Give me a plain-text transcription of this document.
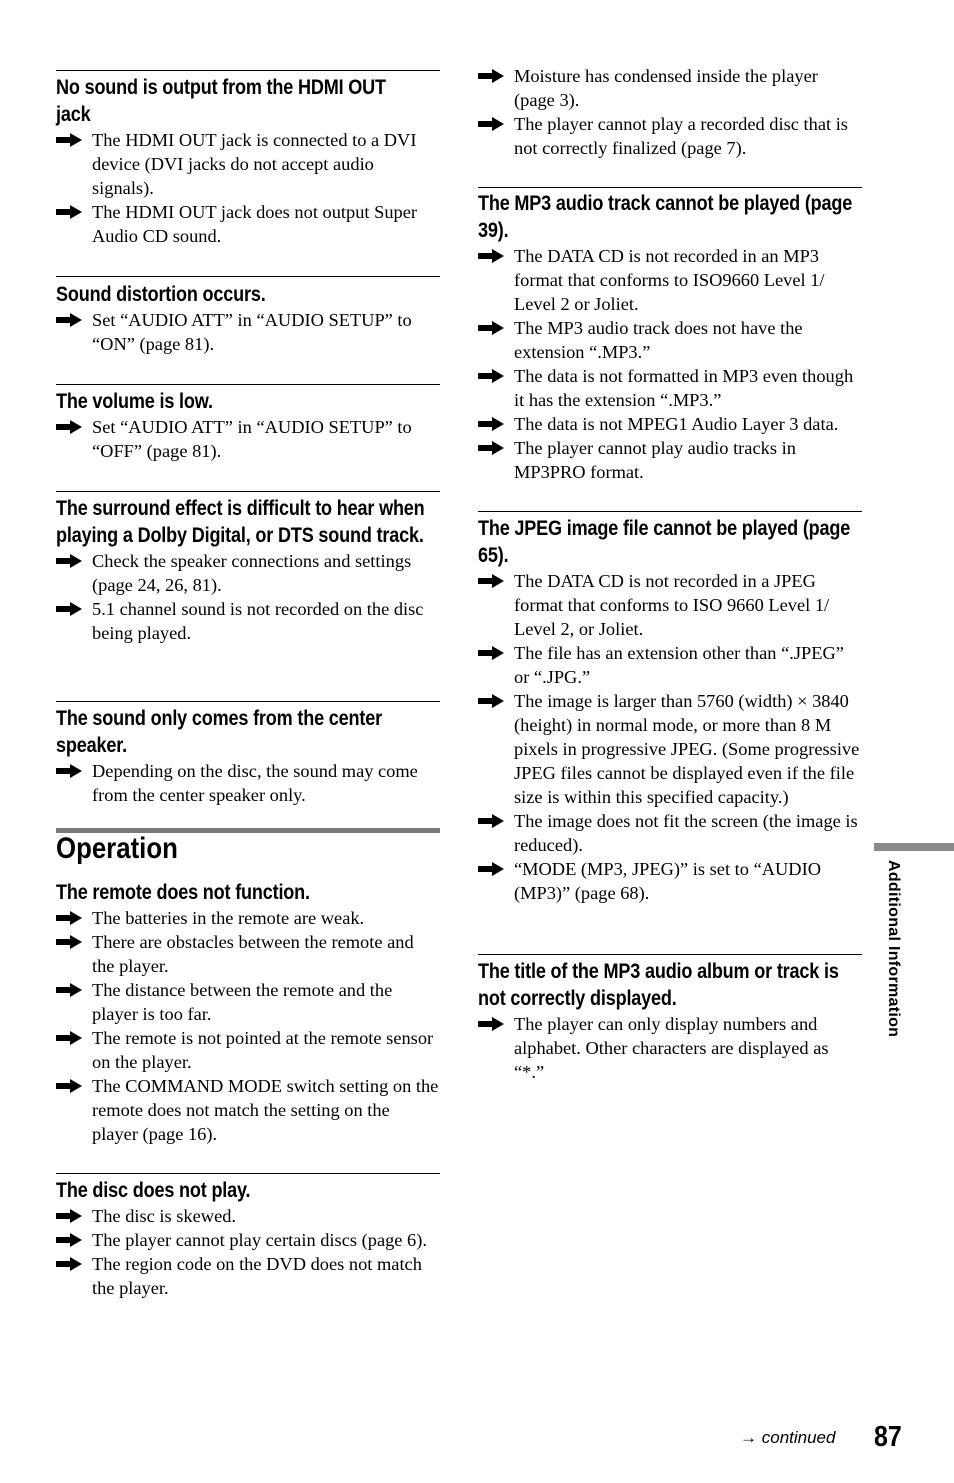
No sound is output from the HDMI OUT jack
The HDMI OUT jack is connected to a DVI device (DVI jacks do not accept audio signals).
The HDMI OUT jack does not output Super Audio CD sound.
Sound distortion occurs.
Set “AUDIO ATT” in “AUDIO SETUP” to “ON” (page 81).
The volume is low.
Set “AUDIO ATT” in “AUDIO SETUP” to “OFF” (page 81).
The surround effect is difficult to hear when playing a Dolby Digital, or DTS sound track.
Check the speaker connections and settings (page 24, 26, 81).
5.1 channel sound is not recorded on the disc being played.
The sound only comes from the center speaker.
Depending on the disc, the sound may come from the center speaker only.
Operation
The remote does not function.
The batteries in the remote are weak.
There are obstacles between the remote and the player.
The distance between the remote and the player is too far.
The remote is not pointed at the remote sensor on the player.
The COMMAND MODE switch setting on the remote does not match the setting on the player (page 16).
The disc does not play.
The disc is skewed.
The player cannot play certain discs (page 6).
The region code on the DVD does not match the player.
Moisture has condensed inside the player (page 3).
The player cannot play a recorded disc that is not correctly finalized (page 7).
The MP3 audio track cannot be played (page 39).
The DATA CD is not recorded in an MP3 format that conforms to ISO9660 Level 1/ Level 2 or Joliet.
The MP3 audio track does not have the extension “.MP3.”
The data is not formatted in MP3 even though it has the extension “.MP3.”
The data is not MPEG1 Audio Layer 3 data.
The player cannot play audio tracks in MP3PRO format.
The JPEG image file cannot be played (page 65).
The DATA CD is not recorded in a JPEG format that conforms to ISO 9660 Level 1/ Level 2, or Joliet.
The file has an extension other than “.JPEG” or “.JPG.”
The image is larger than 5760 (width) × 3840 (height) in normal mode, or more than 8 M pixels in progressive JPEG. (Some progressive JPEG files cannot be displayed even if the file size is within this specified capacity.)
The image does not fit the screen (the image is reduced).
“MODE (MP3, JPEG)” is set to “AUDIO (MP3)” (page 68).
The title of the MP3 audio album or track is not correctly displayed.
The player can only display numbers and alphabet. Other characters are displayed as “*.”
Additional Information
→ continued 87
